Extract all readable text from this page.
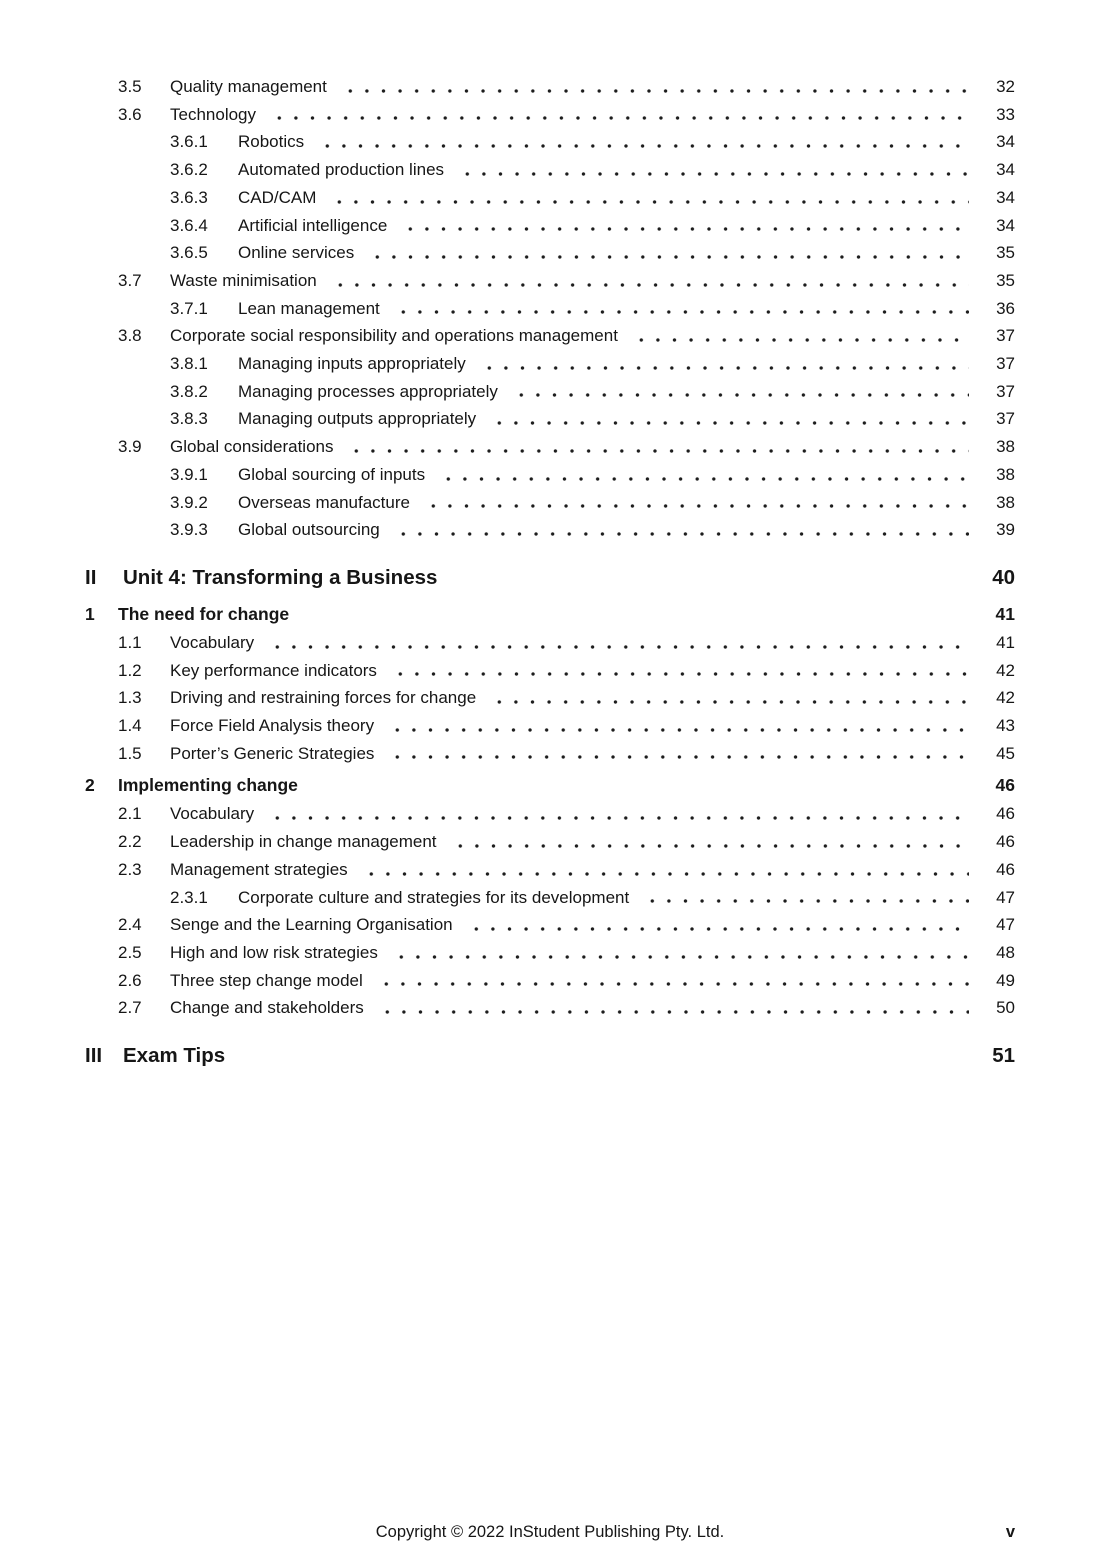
3.5	Quality management	32
3.6	Technology	33
3.6.1	Robotics	34
3.6.2	Automated production lines	34
3.6.3	CAD/CAM	34
3.6.4	Artificial intelligence	34
3.6.5	Online services	35
3.7	Waste minimisation	35
3.7.1	Lean management	36
3.8	Corporate social responsibility and operations management	37
3.8.1	Managing inputs appropriately	37
3.8.2	Managing processes appropriately	37
3.8.3	Managing outputs appropriately	37
3.9	Global considerations	38
3.9.1	Global sourcing of inputs	38
3.9.2	Overseas manufacture	38
3.9.3	Global outsourcing	39
II	Unit 4: Transforming a Business	40
1	The need for change	41
1.1	Vocabulary	41
1.2	Key performance indicators	42
1.3	Driving and restraining forces for change	42
1.4	Force Field Analysis theory	43
1.5	Porter’s Generic Strategies	45
2	Implementing change	46
2.1	Vocabulary	46
2.2	Leadership in change management	46
2.3	Management strategies	46
2.3.1	Corporate culture and strategies for its development	47
2.4	Senge and the Learning Organisation	47
2.5	High and low risk strategies	48
2.6	Three step change model	49
2.7	Change and stakeholders	50
III	Exam Tips	51
Copyright © 2022 InStudent Publishing Pty. Ltd.	v
